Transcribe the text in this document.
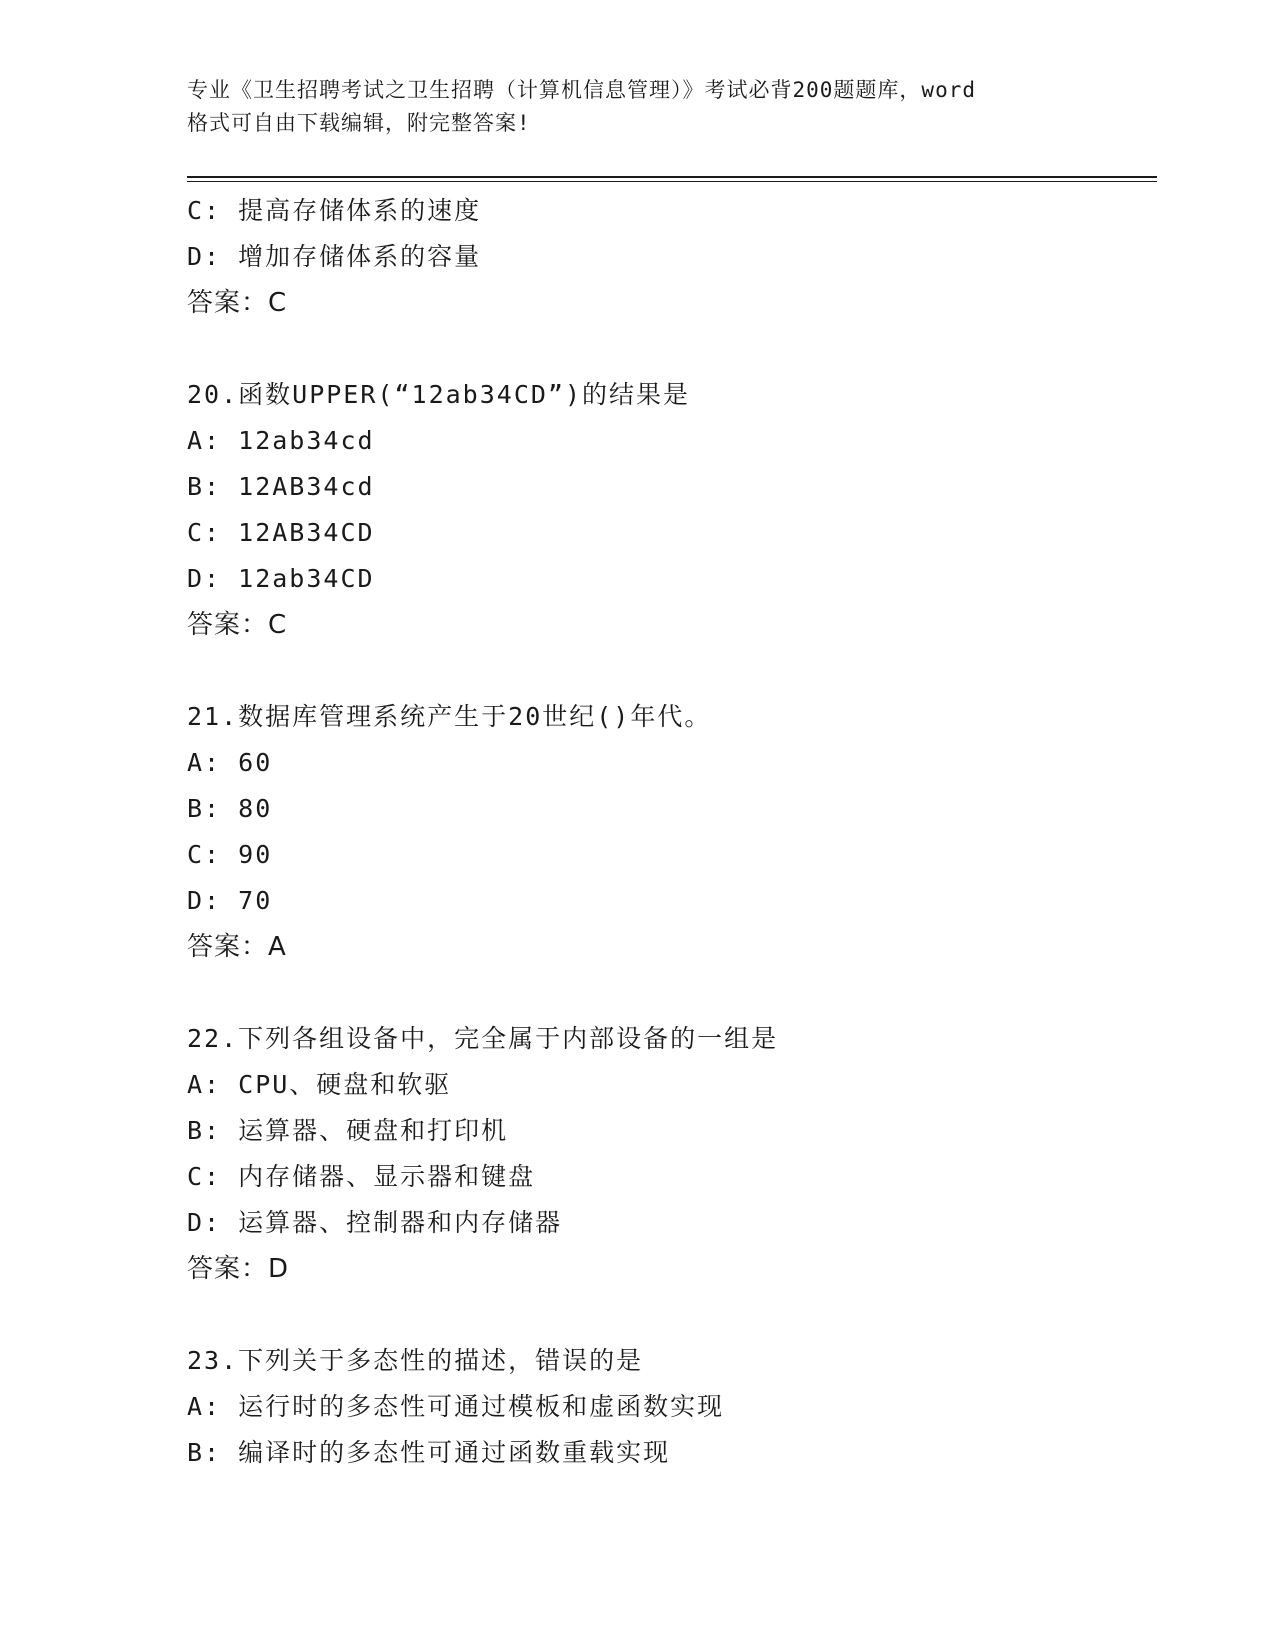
专业《卫生招聘考试之卫生招聘（计算机信息管理）》考试必背200题题库，word
格式可自由下载编辑，附完整答案!
C: 提高存储体系的速度
D: 增加存储体系的容量
答案：C
20.函数UPPER(“12ab34CD”)的结果是
A: 12ab34cd
B: 12AB34cd
C: 12AB34CD
D: 12ab34CD
答案：C
21.数据库管理系统产生于20世纪()年代。
A: 60
B: 80
C: 90
D: 70
答案：A
22.下列各组设备中，完全属于内部设备的一组是
A: CPU、硬盘和软驱
B: 运算器、硬盘和打印机
C: 内存储器、显示器和键盘
D: 运算器、控制器和内存储器
答案：D
23.下列关于多态性的描述，错误的是
A: 运行时的多态性可通过模板和虚函数实现
B: 编译时的多态性可通过函数重载实现
